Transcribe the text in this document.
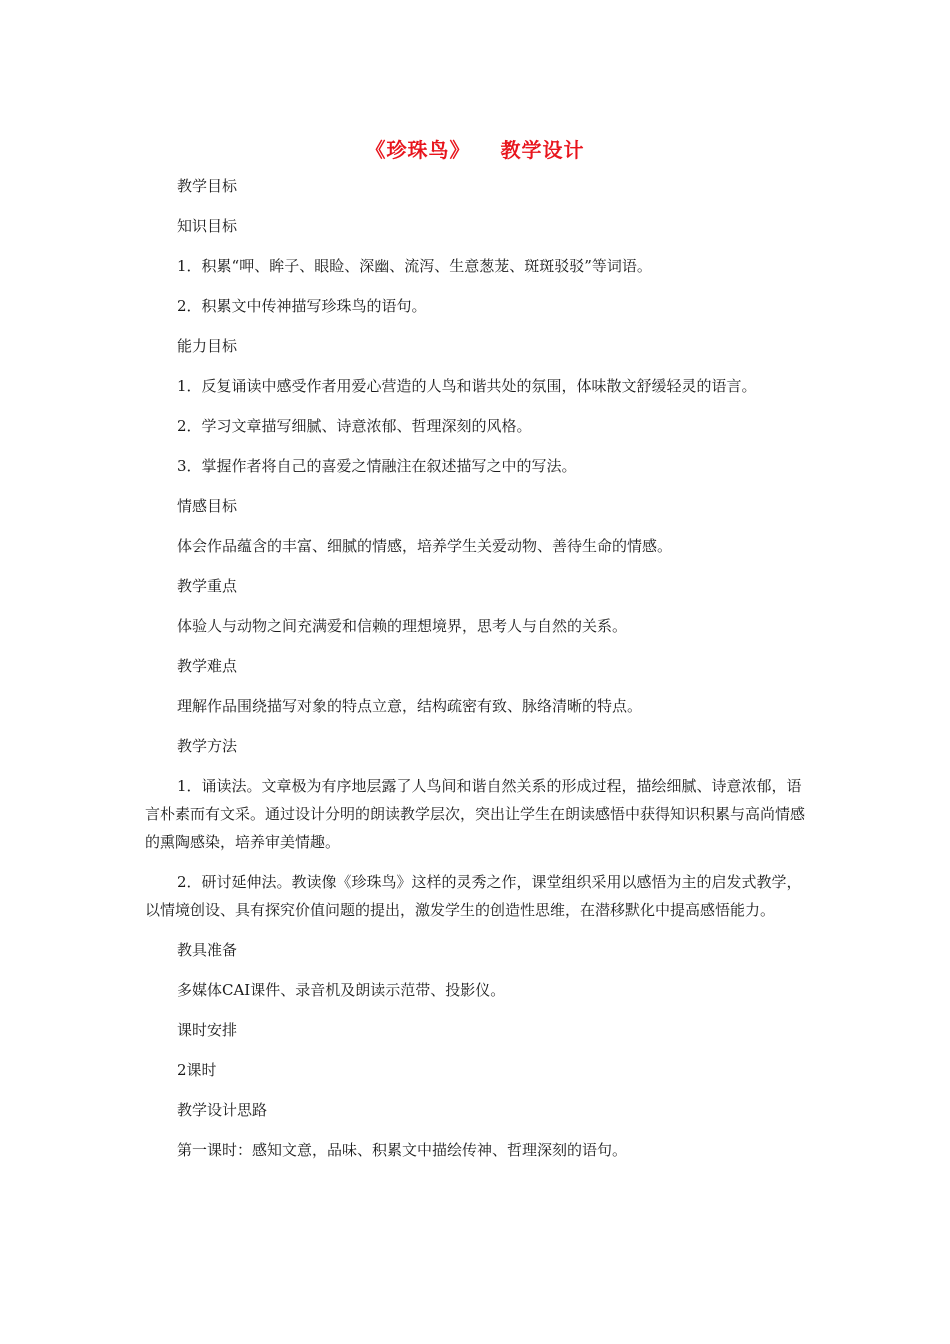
《珍珠鸟》 教学设计

教学目标

知识目标

1．积累“呷、眸子、眼睑、深幽、流泻、生意葱茏、斑斑驳驳”等词语。

2．积累文中传神描写珍珠鸟的语句。

能力目标

1．反复诵读中感受作者用爱心营造的人鸟和谐共处的氛围，体味散文舒缓轻灵的语言。

2．学习文章描写细腻、诗意浓郁、哲理深刻的风格。

3．掌握作者将自己的喜爱之情融注在叙述描写之中的写法。

情感目标

体会作品蕴含的丰富、细腻的情感，培养学生关爱动物、善待生命的情感。

教学重点

体验人与动物之间充满爱和信赖的理想境界，思考人与自然的关系。

教学难点

理解作品围绕描写对象的特点立意，结构疏密有致、脉络清晰的特点。

教学方法

1．诵读法。文章极为有序地层露了人鸟间和谐自然关系的形成过程，描绘细腻、诗意浓郁，语言朴素而有文采。通过设计分明的朗读教学层次，突出让学生在朗读感悟中获得知识积累与高尚情感的熏陶感染，培养审美情趣。

2．研讨延伸法。教读像《珍珠鸟》这样的灵秀之作，课堂组织采用以感悟为主的启发式教学，以情境创设、具有探究价值问题的提出，激发学生的创造性思维，在潜移默化中提高感悟能力。

教具准备

多媒体CAI课件、录音机及朗读示范带、投影仪。

课时安排

2课时

教学设计思路

第一课时：感知文意，品味、积累文中描绘传神、哲理深刻的语句。
